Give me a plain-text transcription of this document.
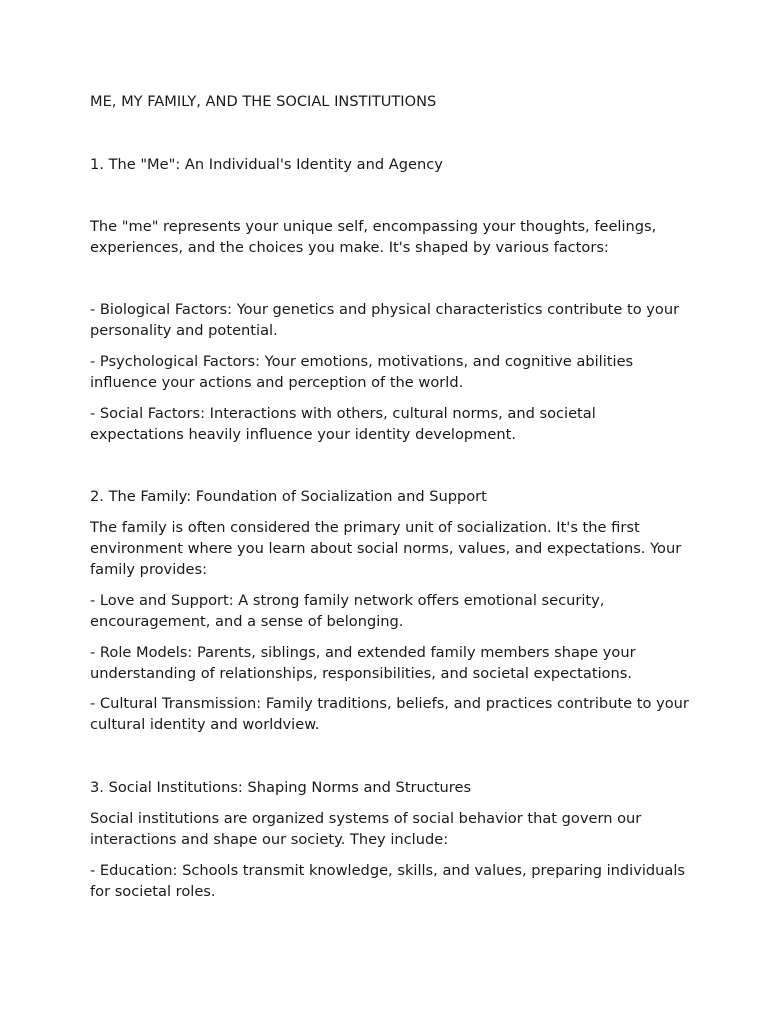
ME, MY FAMILY, AND THE SOCIAL INSTITUTIONS

1. The "Me": An Individual's Identity and Agency

The "me" represents your unique self, encompassing your thoughts, feelings, experiences, and the choices you make. It's shaped by various factors:

- Biological Factors: Your genetics and physical characteristics contribute to your personality and potential.

- Psychological Factors: Your emotions, motivations, and cognitive abilities influence your actions and perception of the world.

- Social Factors: Interactions with others, cultural norms, and societal expectations heavily influence your identity development.

2. The Family: Foundation of Socialization and Support

The family is often considered the primary unit of socialization. It's the first environment where you learn about social norms, values, and expectations. Your family provides:

- Love and Support: A strong family network offers emotional security, encouragement, and a sense of belonging.

- Role Models: Parents, siblings, and extended family members shape your understanding of relationships, responsibilities, and societal expectations.

- Cultural Transmission: Family traditions, beliefs, and practices contribute to your cultural identity and worldview.

3. Social Institutions: Shaping Norms and Structures

Social institutions are organized systems of social behavior that govern our interactions and shape our society. They include:

- Education: Schools transmit knowledge, skills, and values, preparing individuals for societal roles.
